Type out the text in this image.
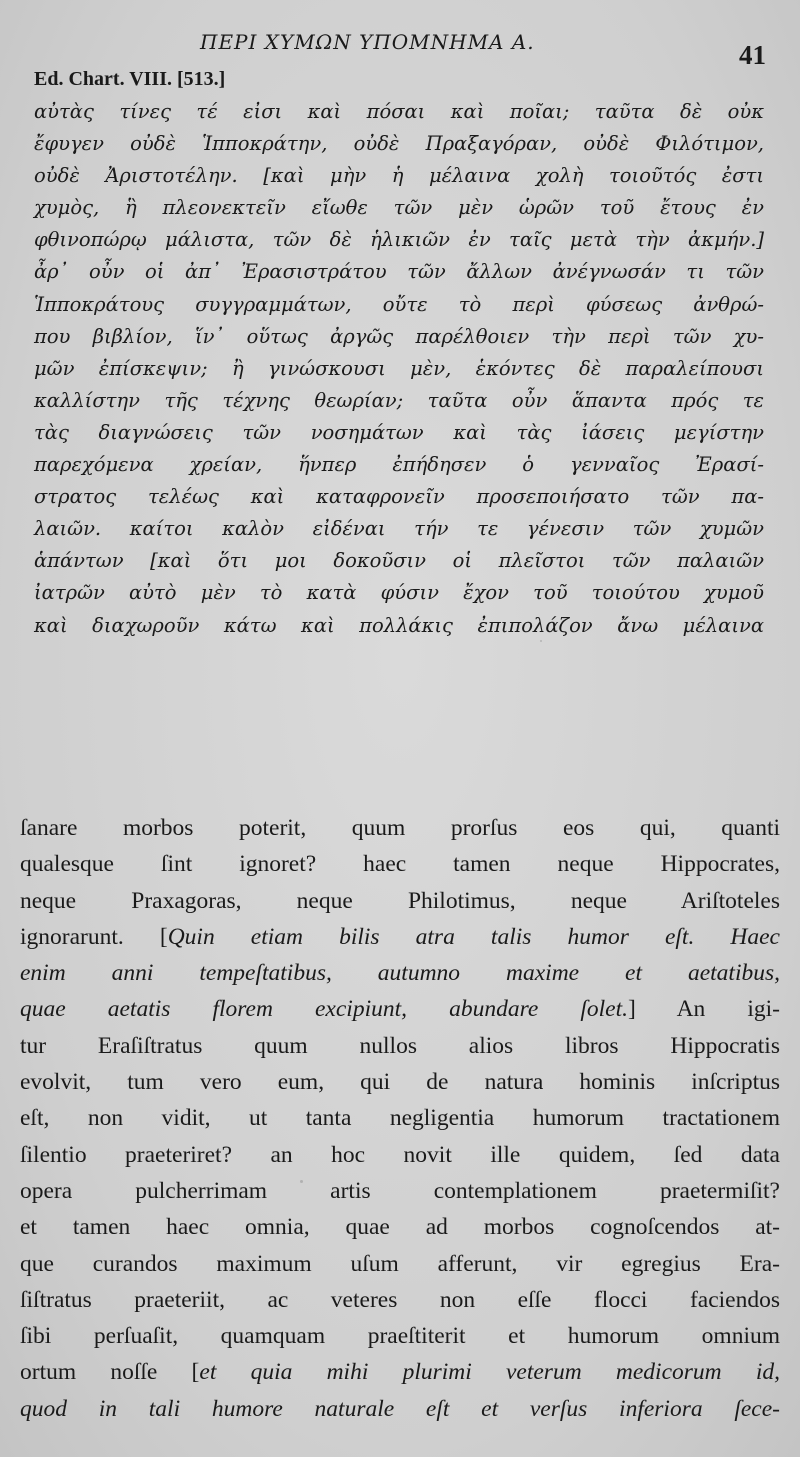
ΠΕΡΙ ΧΥΜΩΝ ΥΠΟΜΝΗΜΑ Α.	41
Ed. Chart. VIII. [513.]
αὐτὰς τίνες τέ εἰσι καὶ πόσαι καὶ ποῖαι; ταῦτα δὲ οὐκ
ἔφυγεν οὐδὲ Ἱπποκράτην, οὐδὲ Πραξαγόραν, οὐδὲ Φιλότιμον,
οὐδὲ Ἀριστοτέλην. [καὶ μὴν ἡ μέλαινα χολὴ τοιοῦτός ἐστι
χυμὸς, ἣ πλεονεκτεῖν εἴωθε τῶν μὲν ὡρῶν τοῦ ἔτους ἐν
φθινοπώρῳ μάλιστα, τῶν δὲ ἡλικιῶν ἐν ταῖς μετὰ τὴν ἀκμήν.]
ἆρ᾿ οὖν οἱ ἀπ᾿ Ἐρασιστράτου τῶν ἄλλων ἀνέγνωσάν τι τῶν
Ἱπποκράτους συγγραμμάτων, οὔτε τὸ περὶ φύσεως ἀνθρώ-
που βιβλίον, ἵν᾿ οὕτως ἀργῶς παρέλθοιεν τὴν περὶ τῶν χυ-
μῶν ἐπίσκεψιν; ἢ γινώσκουσι μὲν, ἑκόντες δὲ παραλείπουσι
καλλίστην τῆς τέχνης θεωρίαν; ταῦτα οὖν ἅπαντα πρός τε
τὰς διαγνώσεις τῶν νοσημάτων καὶ τὰς ἰάσεις μεγίστην
παρεχόμενα χρείαν, ἥνπερ ἐπήδησεν ὁ γενναῖος Ἐρασί-
στρατος τελέως καὶ καταφρονεῖν προσεποιήσατο τῶν πα-
λαιῶν. καίτοι καλὸν εἰδέναι τήν τε γένεσιν τῶν χυμῶν
ἁπάντων [καὶ ὅτι μοι δοκοῦσιν οἱ πλεῖστοι τῶν παλαιῶν
ἰατρῶν αὐτὸ μὲν τὸ κατὰ φύσιν ἔχον τοῦ τοιούτου χυμοῦ
καὶ διαχωροῦν κάτω καὶ πολλάκις ἐπιπολάζον ἄνω μέλαινα
ſanare morbos poterit, quum prorſus eos qui, quanti
qualesque ſint ignoret? haec tamen neque Hippocrates,
neque Praxagoras, neque Philotimus, neque Ariſtoteles
ignorarunt. [Quin etiam bilis atra talis humor eſt. Haec
enim anni tempeſtatibus, autumno maxime et aetatibus,
quae aetatis florem excipiunt, abundare ſolet.] An igi-
tur Eraſiſtratus quum nullos alios libros Hippocratis
evolvit, tum vero eum, qui de natura hominis inſcriptus
eſt, non vidit, ut tanta negligentia humorum tractationem
ſilentio praeteriret? an hoc novit ille quidem, ſed data
opera pulcherrimam artis contemplationem praetermiſit?
et tamen haec omnia, quae ad morbos cognoſcendos at-
que curandos maximum uſum afferunt, vir egregius Era-
ſiſtratus praeteriit, ac veteres non eſſe flocci faciendos
ſibi perſuaſit, quamquam praeſtiterit et humorum omnium
ortum noſſe [et quia mihi plurimi veterum medicorum id,
quod in tali humore naturale eſt et verſus inferiora ſece-
